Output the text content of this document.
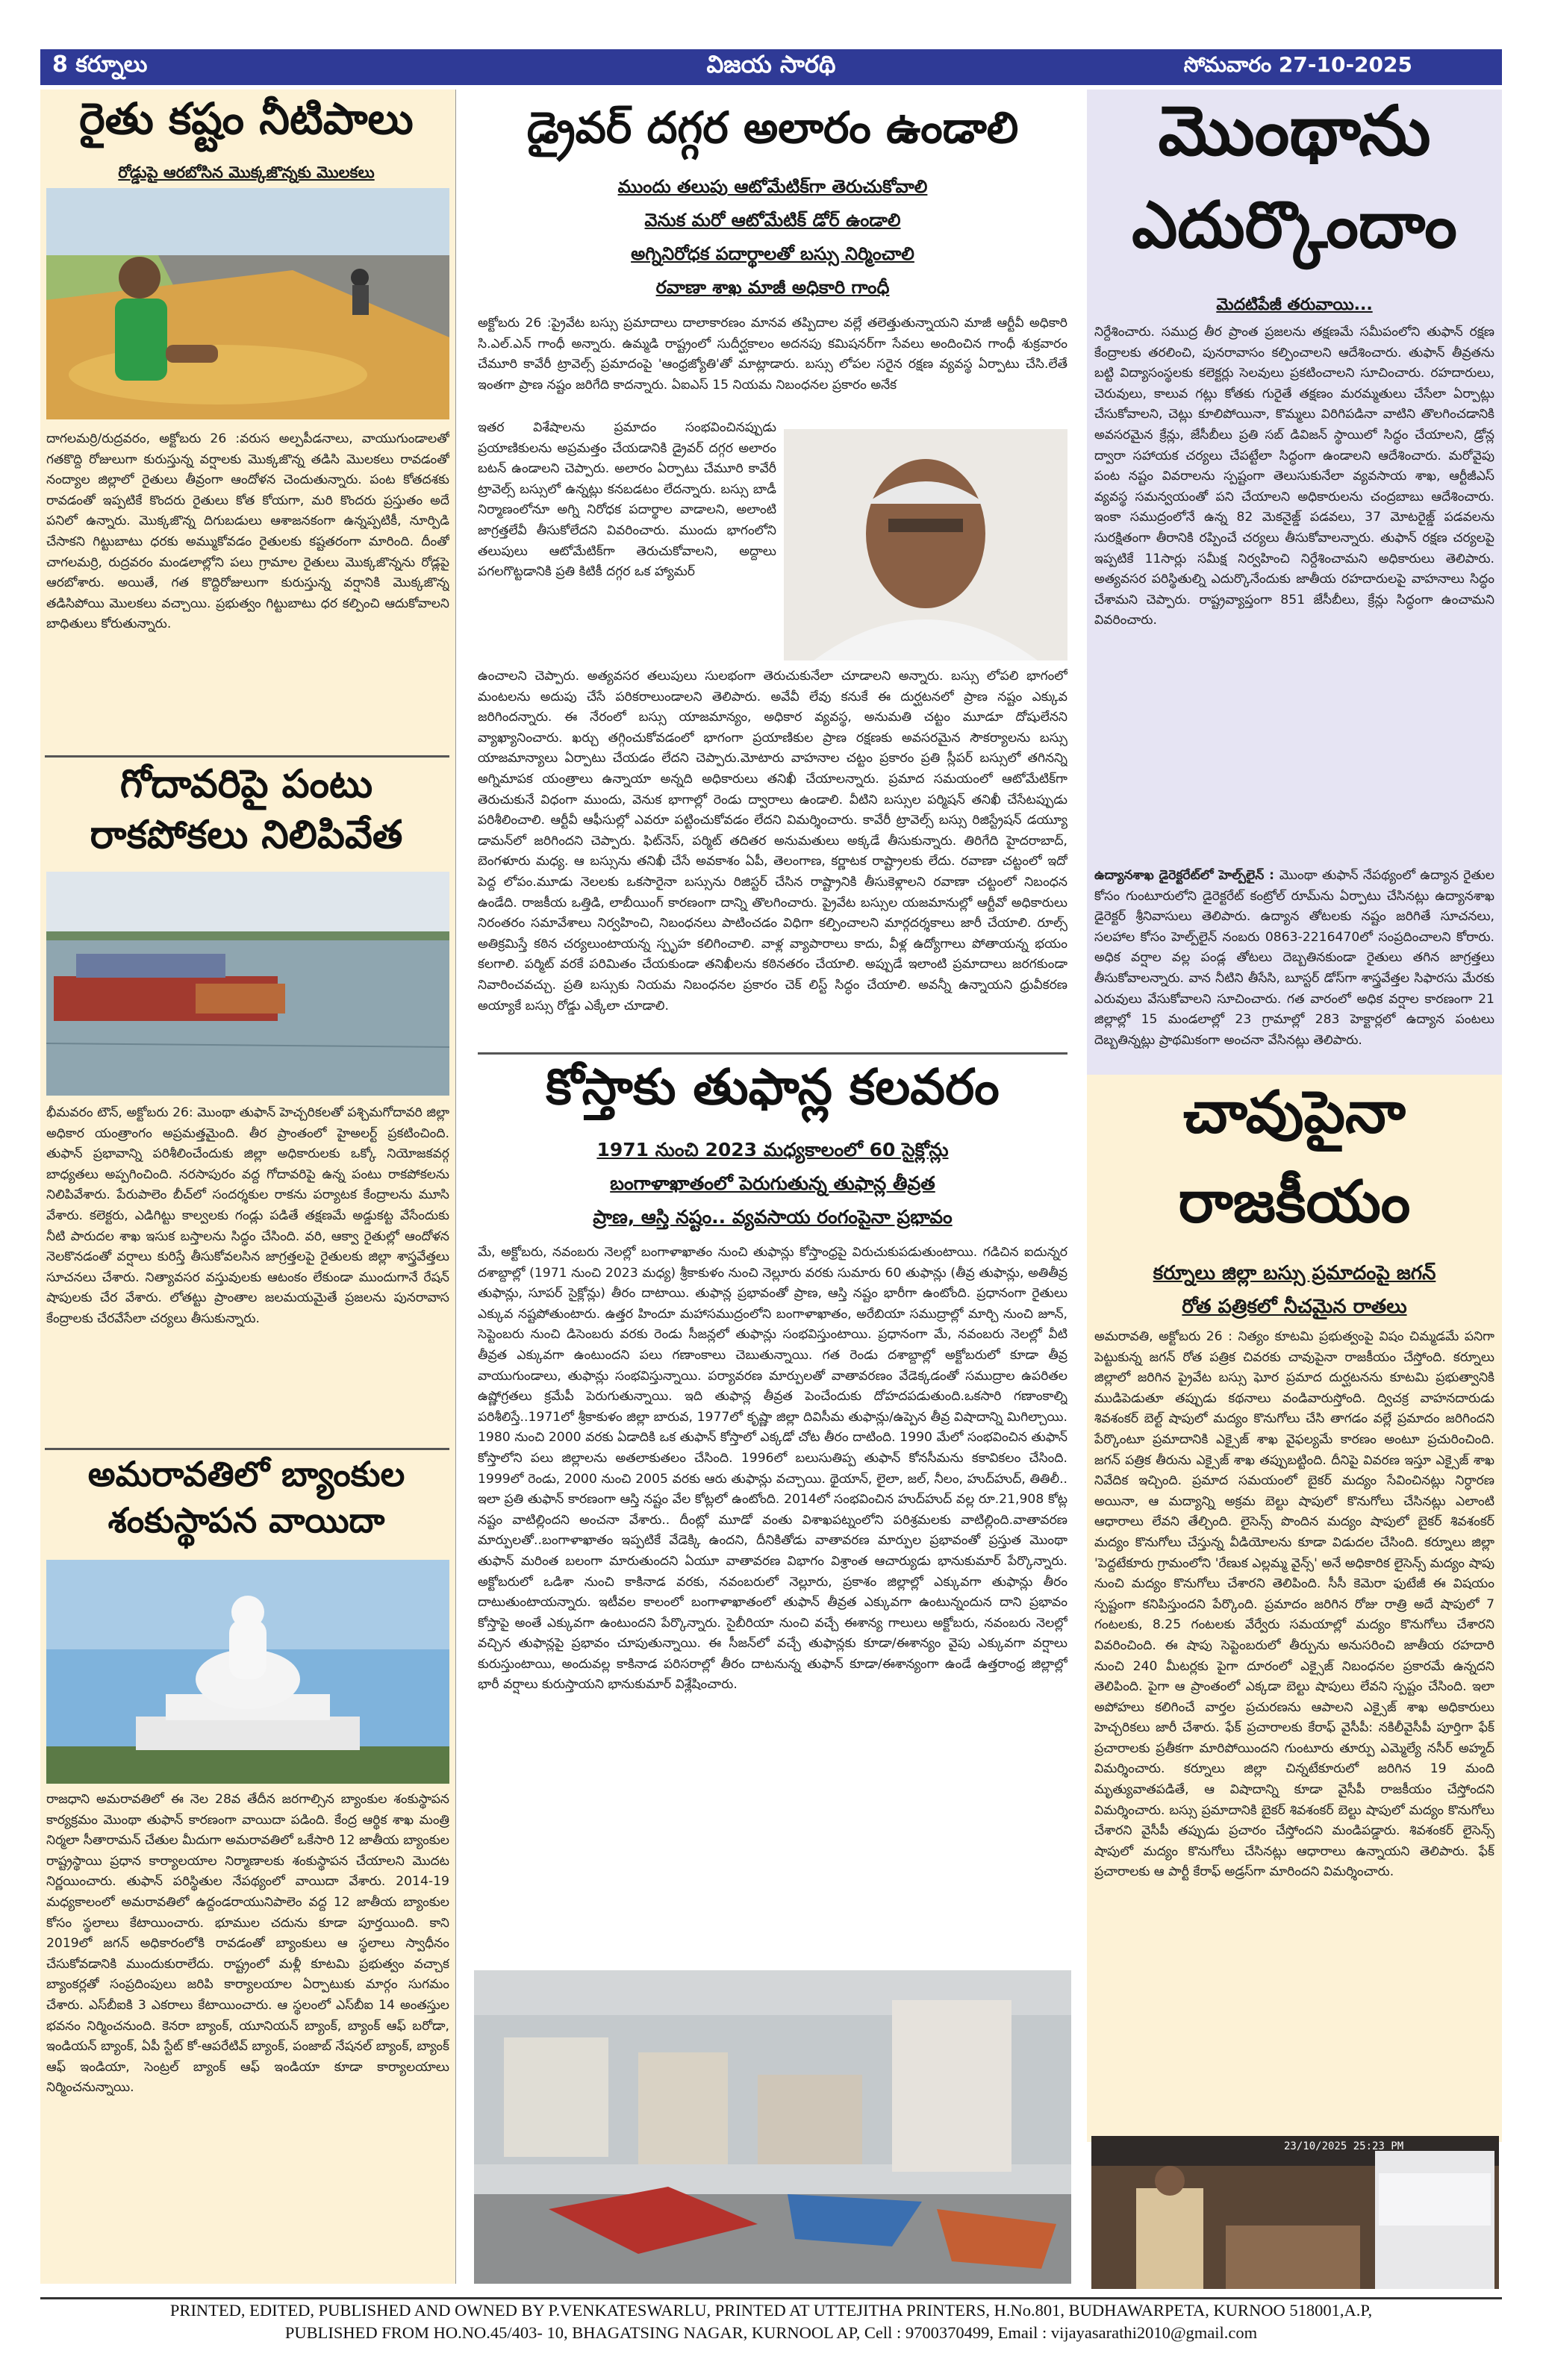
8 కర్నూలు	విజయ సారథి	సోమవారం 27-10-2025
రైతు కష్టం నీటిపాలు
రోడ్డుపై ఆరబోసిన మొక్కజొన్నకు మొలకలు
దాగలమర్రి/రుద్రవరం, అక్టోబరు 26 :వరుస అల్పపీడనాలు, వాయుగుండాలతో గతకొద్ది రోజులుగా కురుస్తున్న వర్షాలకు మొక్కజొన్న తడిసి మొలకలు రావడంతో నంద్యాల జిల్లాలో రైతులు తీవ్రంగా ఆందోళన చెందుతున్నారు. పంట కోతదశకు రావడంతో ఇప్పటికే కొందరు రైతులు కోత కోయగా, మరి కొందరు ప్రస్తుతం అదే పనిలో ఉన్నారు. మొక్కజొన్న దిగుబడులు ఆశాజనకంగా ఉన్నప్పటికీ, నూర్పిడి చేసాకని గిట్టుబాటు ధరకు అమ్ముకోవడం రైతులకు కష్టతరంగా మారింది. దీంతో చాగలమర్రి, రుద్రవరం మండలాల్లోని పలు గ్రామాల రైతులు మొక్కజొన్నను రోడ్లపై ఆరబోశారు. అయితే, గత కొద్దిరోజులుగా కురుస్తున్న వర్షానికి మొక్కజొన్న తడిసిపోయి మొలకలు వచ్చాయి. ప్రభుత్వం గిట్టుబాటు ధర కల్పించి ఆదుకోవాలని బాధితులు కోరుతున్నారు.
గోదావరిపై పంటు
రాకపోకలు నిలిపివేత
భీమవరం టౌన్, అక్టోబరు 26: మొంథా తుఫాన్ హెచ్చరికలతో పశ్చిమగోదావరి జిల్లా అధికార యంత్రాంగం అప్రమత్తమైంది. తీర ప్రాంతంలో హైఅలర్ట్ ప్రకటించింది. తుఫాన్ ప్రభావాన్ని పరిశీలించేందుకు జిల్లా అధికారులకు ఒక్కో నియోజకవర్గ బాధ్యతలు అప్పగించింది. నరసాపురం వద్ద గోదావరిపై ఉన్న పంటు రాకపోకలను నిలిపివేశారు. పేరుపాలెం బీచ్‌లో సందర్శకుల రాకను పర్యాటక కేంద్రాలను మూసి వేశారు. కలెక్టరు, ఎడిగిట్టు కాల్వలకు గండ్లు పడితే తక్షణమే అడ్డుకట్ట వేసేందుకు నీటి పారుదల శాఖ ఇసుక బస్తాలను సిద్ధం చేసింది. వరి, ఆక్వా రైతుల్లో ఆందోళన నెలకొనడంతో వర్షాలు కురిస్తే తీసుకోవలసిన జాగ్రత్తలపై రైతులకు జిల్లా శాస్త్రవేత్తలు సూచనలు చేశారు. నిత్యావసర వస్తువులకు ఆటంకం లేకుండా ముందుగానే రేషన్ షాపులకు చేర వేశారు. లోతట్టు ప్రాంతాల జలమయమైతే ప్రజలను పునరావాస కేంద్రాలకు చేరవేసేలా చర్యలు తీసుకున్నారు.
అమరావతిలో బ్యాంకుల
శంకుస్థాపన వాయిదా
రాజధాని అమరావతిలో ఈ నెల 28వ తేదీన జరగాల్సిన బ్యాంకుల శంకుస్థాపన కార్యక్రమం మొంథా తుఫాన్ కారణంగా వాయిదా పడింది. కేంద్ర ఆర్థిక శాఖ మంత్రి నిర్మలా సీతారామన్ చేతుల మీదుగా అమరావతిలో ఒకేసారి 12 జాతీయ బ్యాంకుల రాష్ట్రస్థాయి ప్రధాన కార్యాలయాల నిర్మాణాలకు శంకుస్థాపన చేయాలని మొదట నిర్ణయించారు. తుఫాన్ పరిస్థితుల నేపథ్యంలో వాయిదా వేశారు. 2014-19 మధ్యకాలంలో అమరావతిలో ఉద్దండరాయునిపాలెం వద్ద 12 జాతీయ బ్యాంకుల కోసం స్థలాలు కేటాయించారు. భూముల చదును కూడా పూర్తయింది. కాని 2019లో జగన్ అధికారంలోకి రావడంతో బ్యాంకులు ఆ స్థలాలు స్వాధీనం చేసుకోవడానికి ముందుకురాలేదు. రాష్ట్రంలో మళ్లీ కూటమి ప్రభుత్వం వచ్చాక బ్యాంకర్లతో సంప్రదింపులు జరిపి కార్యాలయాల ఏర్పాటుకు మార్గం సుగమం చేశారు. ఎస్‌బీఐకి 3 ఎకరాలు కేటాయించారు. ఆ స్థలంలో ఎస్‌బీఐ 14 అంతస్తుల భవనం నిర్మించనుంది. కెనరా బ్యాంక్, యూనియన్ బ్యాంక్, బ్యాంక్ ఆఫ్ బరోడా, ఇండియన్ బ్యాంక్, ఏపీ స్టేట్ కో-ఆపరేటివ్ బ్యాంక్, పంజాబ్ నేషనల్ బ్యాంక్, బ్యాంక్ ఆఫ్ ఇండియా, సెంట్రల్ బ్యాంక్ ఆఫ్ ఇండియా కూడా కార్యాలయాలు నిర్మించనున్నాయి.
డ్రైవర్ దగ్గర అలారం ఉండాలి
ముందు తలుపు ఆటోమేటిక్‌గా తెరుచుకోవాలి
వెనుక మరో ఆటోమేటిక్ డోర్ ఉండాలి
అగ్నినిరోధక పదార్థాలతో బస్సు నిర్మించాలి
రవాణా శాఖ మాజీ అధికారి గాంధీ
అక్టోబరు 26 :ప్రైవేట బస్సు ప్రమాదాలు దాలాకారణం మానవ తప్పిదాల వల్లే తలెత్తుతున్నాయని మాజీ ఆర్టీవీ అధికారి సి.ఎల్.ఎన్ గాంధీ అన్నారు. ఉమ్మడి రాష్ట్రంలో సుదీర్ఘకాలం అదనపు కమిషనర్‌గా సేవలు అందించిన గాంధీ శుక్రవారం చేమూరి కావేరీ ట్రావెల్స్ ప్రమాదంపై 'ఆంధ్రజ్యోతి'తో మాట్లాడారు. బస్సు లోపల సరైన రక్షణ వ్యవస్థ ఏర్పాటు చేసి.లేతే ఇంతగా ప్రాణ నష్టం జరిగేది కాదన్నారు. ఏఐఎస్ 15 నియమ నిబంధనల ప్రకారం అనేక
ఇతర విశేషాలను ప్రమాదం సంభవించినప్పుడు ప్రయాణికులను అప్రమత్తం చేయడానికి డ్రైవర్ దగ్గర అలారం బటన్ ఉండాలని చెప్పారు. అలారం ఏర్పాటు చేమూరి కావేరీ ట్రావెల్స్ బస్సులో ఉన్నట్లు కనబడటం లేదన్నారు. బస్సు బాడీ నిర్మాణంలోనూ అగ్ని నిరోధక పదార్థాల వాడాలని, అలాంటి జాగ్రత్తలేవీ తీసుకోలేదని వివరించారు. ముందు భాగంలోని తలుపులు ఆటోమేటిక్‌గా తెరుచుకోవాలని, అద్దాలు పగలగొట్టడానికి ప్రతి కిటికీ దగ్గర ఒక హ్యామర్
ఉంచాలని చెప్పారు. అత్యవసర తలుపులు సులభంగా తెరుచుకునేలా చూడాలని అన్నారు. బస్సు లోపలి భాగంలో మంటలను అదుపు చేసే పరికరాలుండాలని తెలిపారు. అవేవీ లేవు కనుకే ఈ దుర్ఘటనలో ప్రాణ నష్టం ఎక్కువ జరిగిందన్నారు. ఈ నేరంలో బస్సు యాజమాన్యం, అధికార వ్యవస్థ, అనుమతి చట్టం మూడూ దోషులేనని వ్యాఖ్యానించారు. ఖర్చు తగ్గించుకోవడంలో భాగంగా ప్రయాణికుల ప్రాణ రక్షణకు అవసరమైన సౌకర్యాలను బస్సు యాజమాన్యాలు ఏర్పాటు చేయడం లేదని చెప్పారు.మోటారు వాహనాల చట్టం ప్రకారం ప్రతి స్లీపర్ బస్సులో తగినన్ని అగ్నిమాపక యంత్రాలు ఉన్నాయా అన్నది అధికారులు తనిఖీ చేయాలన్నారు. ప్రమాద సమయంలో ఆటోమేటిక్‌గా తెరుచుకునే విధంగా ముందు, వెనుక భాగాల్లో రెండు ద్వారాలు ఉండాలి. వీటిని బస్సుల పర్మిషన్ తనిఖీ చేసేటప్పుడు పరిశీలించాలి. ఆర్టీవీ ఆఫీసుల్లో ఎవరూ పట్టించుకోవడం లేదని విమర్శించారు. కావేరీ ట్రావెల్స్ బస్సు రిజిస్ట్రేషన్ డయ్యూ డామన్‌లో జరిగిందని చెప్పారు. ఫిట్‌నెస్, పర్మిట్ తదితర అనుమతులు అక్కడే తీసుకున్నారు. తిరిగేది హైదరాబాద్, బెంగళూరు మధ్య. ఆ బస్సును తనిఖీ చేసే అవకాశం ఏపీ, తెలంగాణ, కర్ణాటక రాష్ట్రాలకు లేదు. రవాణా చట్టంలో ఇదో పెద్ద లోపం.మూడు నెలలకు ఒకసారైనా బస్సును రిజిస్టర్ చేసిన రాష్ట్రానికి తీసుకెళ్లాలని రవాణా చట్టంలో నిబంధన ఉండేది. రాజకీయ ఒత్తిడి, లాబీయింగ్ కారణంగా దాన్ని తొలగించారు. ప్రైవేట బస్సుల యజమానుల్లో ఆర్టీవో అధికారులు నిరంతరం సమావేశాలు నిర్వహించి, నిబంధనలు పాటించడం విధిగా కల్పించాలని మార్గదర్శకాలు జారీ చేయాలి. రూల్స్ అతిక్రమిస్తే కఠిన చర్యలుంటాయన్న స్పృహ కలిగించాలి. వాళ్ల వ్యాపారాలు కాదు, వీళ్ల ఉద్యోగాలు పోతాయన్న భయం కలగాలి. పర్మిట్ వరకే పరిమితం చేయకుండా తనిఖీలను కఠినతరం చేయాలి. అప్పుడే ఇలాంటి ప్రమాదాలు జరగకుండా నివారించవచ్చు. ప్రతి బస్సుకు నియమ నిబంధనల ప్రకారం చెక్ లిస్ట్ సిద్ధం చేయాలి. అవన్నీ ఉన్నాయని ధ్రువీకరణ అయ్యాకే బస్సు రోడ్డు ఎక్కేలా చూడాలి.
కోస్తాకు తుఫాన్ల కలవరం
1971 నుంచి 2023 మధ్యకాలంలో 60 సైక్లోన్లు
బంగాళాఖాతంలో పెరుగుతున్న తుఫాన్ల తీవ్రత
ప్రాణ, ఆస్తి నష్టం.. వ్యవసాయ రంగంపైనా ప్రభావం
మే, అక్టోబరు, నవంబరు నెలల్లో బంగాళాఖాతం నుంచి తుఫాన్లు కోస్తాంధ్రపై విరుచుకుపడుతుంటాయి. గడిచిన ఐదున్నర దశాబ్దాల్లో (1971 నుంచి 2023 మధ్య) శ్రీకాకుళం నుంచి నెల్లూరు వరకు సుమారు 60 తుఫాన్లు (తీవ్ర తుఫాన్లు, అతితీవ్ర తుఫాన్లు, సూపర్ సైక్లోన్లు) తీరం దాటాయి. తుఫాన్ల ప్రభావంతో ప్రాణ, ఆస్తి నష్టం భారీగా ఉంటోంది. ప్రధానంగా రైతులు ఎక్కువ నష్టపోతుంటారు. ఉత్తర హిందూ మహాసముద్రంలోని బంగాళాఖాతం, అరేబియా సముద్రాల్లో మార్చి నుంచి జూన్, సెప్టెంబరు నుంచి డిసెంబరు వరకు రెండు సీజన్లలో తుఫాన్లు సంభవిస్తుంటాయి. ప్రధానంగా మే, నవంబరు నెలల్లో వీటి తీవ్రత ఎక్కువగా ఉంటుందని పలు గణాంకాలు చెబుతున్నాయి. గత రెండు దశాబ్దాల్లో అక్టోబరులో కూడా తీవ్ర వాయుగుండాలు, తుఫాన్లు సంభవిస్తున్నాయి. పర్యావరణ మార్పులతో వాతావరణం వేడెక్కడంతో సముద్రాల ఉపరితల ఉష్ణోగ్రతలు క్రమేపీ పెరుగుతున్నాయి. ఇది తుఫాన్ల తీవ్రత పెంచేందుకు దోహదపడుతుంది.ఒకసారి గణాంకాల్ని పరిశీలిస్తే..1971లో శ్రీకాకుళం జిల్లా బారువ, 1977లో కృష్ణా జిల్లా దివిసీమ తుఫాన్లు/ఉప్పెన తీవ్ర విషాదాన్ని మిగిల్చాయి. 1980 నుంచి 2000 వరకు ఏడాదికి ఒక తుఫాన్ కోస్తాలో ఎక్కడో చోట తీరం దాటింది. 1990 మేలో సంభవించిన తుఫాన్ కోస్తాలోని పలు జిల్లాలను అతలాకుతలం చేసింది. 1996లో బలుసుతిప్ప తుఫాన్ కోనసీమను కకావికలం చేసింది. 1999లో రెండు, 2000 నుంచి 2005 వరకు ఆరు తుఫాన్లు వచ్చాయి. థైయాన్, లైలా, జల్, నీలం, హుద్‌హుద్, తితిలీ.. ఇలా ప్రతి తుఫాన్ కారణంగా ఆస్తి నష్టం వేల కోట్లలో ఉంటోంది. 2014లో సంభవించిన హుద్‌హుద్ వల్ల రూ.21,908 కోట్ల నష్టం వాటిల్లిందని అంచనా వేశారు.. దీంట్లో మూడో వంతు విశాఖపట్నంలోని పరిశ్రమలకు వాటిల్లింది.వాతావరణ మార్పులతో..బంగాళాఖాతం ఇప్పటికే వేడెక్కి ఉందని, దీనికితోడు వాతావరణ మార్పుల ప్రభావంతో ప్రస్తుత మొంథా తుఫాన్ మరింత బలంగా మారుతుందని ఏయూ వాతావరణ విభాగం విశ్రాంత ఆచార్యుడు భానుకుమార్ పేర్కొన్నారు. అక్టోబరులో ఒడిశా నుంచి కాకినాడ వరకు, నవంబరులో నెల్లూరు, ప్రకాశం జిల్లాల్లో ఎక్కువగా తుఫాన్లు తీరం దాటుతుంటాయన్నారు. ఇటీవల కాలంలో బంగాళాఖాతంలో తుఫాన్ తీవ్రత ఎక్కువగా ఉంటున్నందున దాని ప్రభావం కోస్తాపై అంతే ఎక్కువగా ఉంటుందని పేర్కొన్నారు. సైబీరియా నుంచి వచ్చే ఈశాన్య గాలులు అక్టోబరు, నవంబరు నెలల్లో వచ్చిన తుఫాన్లపై ప్రభావం చూపుతున్నాయి. ఈ సీజన్‌లో వచ్చే తుఫాన్లకు కూడా/ఈశాన్యం వైపు ఎక్కువగా వర్షాలు కురుస్తుంటాయి, అందువల్ల కాకినాడ పరిసరాల్లో తీరం దాటనున్న తుఫాన్ కూడా/ఈశాన్యంగా ఉండే ఉత్తరాంధ్ర జిల్లాల్లో భారీ వర్షాలు కురుస్తాయని భానుకుమార్ విశ్లేషించారు.
మొంథాను
ఎదుర్కొందాం
మెదటిపేజీ తరువాయి...
నిర్దేశించారు. సముద్ర తీర ప్రాంత ప్రజలను తక్షణమే సమీపంలోని తుఫాన్ రక్షణ కేంద్రాలకు తరలించి, పునరావాసం కల్పించాలని ఆదేశించారు. తుఫాన్ తీవ్రతను బట్టి విద్యాసంస్థలకు కలెక్టర్లు సెలవులు ప్రకటించాలని సూచించారు. రహదారులు, చెరువులు, కాలువ గట్లు కోతకు గురైతే తక్షణం మరమ్మతులు చేసేలా ఏర్పాట్లు చేసుకోవాలని, చెట్లు కూలిపోయినా, కొమ్మలు విరిగిపడినా వాటిని తొలగించడానికి అవసరమైన క్రేన్లు, జేసీబీలు ప్రతి సబ్ డివిజన్ స్థాయిలో సిద్ధం చేయాలని, డ్రోన్ల ద్వారా సహాయక చర్యలు చేపట్టేలా సిద్ధంగా ఉండాలని ఆదేశించారు. మరోవైపు పంట నష్టం వివరాలను స్పష్టంగా తెలుసుకునేలా వ్యవసాయ శాఖ, ఆర్టీజీఎస్ వ్యవస్థ సమన్వయంతో పని చేయాలని అధికారులను చంద్రబాబు ఆదేశించారు. ఇంకా సముద్రంలోనే ఉన్న 82 మెకనైజ్డ్ పడవలు, 37 మోటరైజ్డ్ పడవలను సురక్షితంగా తీరానికి రప్పించే చర్యలు తీసుకోవాలన్నారు. తుఫాన్ రక్షణ చర్యలపై ఇప్పటికే 11సార్లు సమీక్ష నిర్వహించి నిర్దేశించామని అధికారులు తెలిపారు. అత్యవసర పరిస్థితుల్ని ఎదుర్కొనేందుకు జాతీయ రహదారులపై వాహనాలు సిద్ధం చేశామని చెప్పారు. రాష్ట్రవ్యాప్తంగా 851 జేసీబీలు, క్రేన్లు సిద్ధంగా ఉంచామని వివరించారు.
ఉద్యానశాఖ డైరెక్టరేట్‌లో హెల్ప్‌లైన్ : మొంథా తుఫాన్ నేపథ్యంలో ఉద్యాన రైతుల కోసం గుంటూరులోని డైరెక్టరేట్ కంట్రోల్ రూమ్‌ను ఏర్పాటు చేసినట్లు ఉద్యానశాఖ డైరెక్టర్ శ్రీనివాసులు తెలిపారు. ఉద్యాన తోటలకు నష్టం జరిగితే సూచనలు, సలహాల కోసం హెల్ప్‌లైన్ నంబరు 0863-2216470లో సంప్రదించాలని కోరారు. అధిక వర్షాల వల్ల పండ్ల తోటలు దెబ్బతినకుండా రైతులు తగిన జాగ్రత్తలు తీసుకోవాలన్నారు. వాన నీటిని తీసేసి, బూస్టర్ డోస్‌గా శాస్త్రవేత్తల సిఫారసు మేరకు ఎరువులు వేసుకోవాలని సూచించారు. గత వారంలో అధిక వర్షాల కారణంగా 21 జిల్లాల్లో 15 మండలాల్లో 23 గ్రామాల్లో 283 హెక్టార్లలో ఉద్యాన పంటలు దెబ్బతిన్నట్లు ప్రాథమికంగా అంచనా వేసినట్లు తెలిపారు.
చావుపైనా
రాజకీయం
కర్నూలు జిల్లా బస్సు ప్రమాదంపై జగన్
రోత పత్రికలో నీచమైన రాతలు
అమరావతి, అక్టోబరు 26 : నిత్యం కూటమి ప్రభుత్వంపై విషం చిమ్మడమే పనిగా పెట్టుకున్న జగన్ రోత పత్రిక చివరకు చావుపైనా రాజకీయం చేస్తోంది. కర్నూలు జిల్లాలో జరిగిన ప్రైవేట బస్సు ఘోర ప్రమాద దుర్ఘటనను కూటమి ప్రభుత్వానికి ముడిపెడుతూ తప్పుడు కథనాలు వండివారుస్తోంది. ద్విచక్ర వాహనదారుడు శివశంకర్ బెల్ట్ షాపులో మద్యం కొనుగోలు చేసి తాగడం వల్లే ప్రమాదం జరిగిందని పేర్కొంటూ ప్రమాదానికి ఎక్సైజ్ శాఖ వైఫల్యమే కారణం అంటూ ప్రచురించింది. జగన్ పత్రిక తీరును ఎక్సైజ్ శాఖ తప్పుబట్టింది. దీనిపై వివరణ ఇస్తూ ఎక్సైజ్ శాఖ నివేదిక ఇచ్చింది. ప్రమాద సమయంలో బైకర్ మద్యం సేవించినట్లు నిర్ధారణ అయినా, ఆ మద్యాన్ని అక్రమ బెల్టు షాపులో కొనుగోలు చేసినట్లు ఎలాంటి ఆధారాలు లేవని తేల్చింది. లైసెన్స్ పొందిన మద్యం షాపులో బైకర్ శివశంకర్ మద్యం కొనుగోలు చేస్తున్న వీడియోలను కూడా విడుదల చేసింది. కర్నూలు జిల్లా 'పెద్దటేకూరు గ్రామంలోని 'రేణుక ఎల్లమ్మ వైన్స్' అనే అధికారిక లైసెన్స్ మద్యం షాపు నుంచి మద్యం కొనుగోలు చేశారని తెలిపింది. సీసీ కెమెరా ఫుటేజీ ఈ విషయం స్పష్టంగా కనిపిస్తుందని పేర్కొంది. ప్రమాదం జరిగిన రోజు రాత్రి అదే షాపులో 7 గంటలకు, 8.25 గంటలకు వేర్వేరు సమయాల్లో మద్యం కొనుగోలు చేశారని వివరించింది. ఈ షాపు సెప్టెంబరులో తీర్పును అనుసరించి జాతీయ రహదారి నుంచి 240 మీటర్లకు పైగా దూరంలో ఎక్సైజ్ నిబంధనల ప్రకారమే ఉన్నదని తెలిపింది. పైగా ఆ ప్రాంతంలో ఎక్కడా బెల్టు షాపులు లేవని స్పష్టం చేసింది. ఇలా అపోహలు కలిగించే వార్తల ప్రచురణను ఆపాలని ఎక్సైజ్ శాఖ అధికారులు హెచ్చరికలు జారీ చేశారు. ఫేక్ ప్రచారాలకు కేరాఫ్ వైసీపీ: నకిలీవైసీపీ పూర్తిగా ఫేక్ ప్రచారాలకు ప్రతీకగా మారిపోయిందని గుంటూరు తూర్పు ఎమ్మెల్యే నసీర్ అహ్మద్ విమర్శించారు. కర్నూలు జిల్లా చిన్నటేకూరులో జరిగిన 19 మంది మృత్యువాతపడితే, ఆ విషాదాన్ని కూడా వైసీపీ రాజకీయం చేస్తోందని విమర్శించారు. బస్సు ప్రమాదానికి బైకర్ శివశంకర్ బెల్టు షాపులో మద్యం కొనుగోలు చేశారని వైసీపీ తప్పుడు ప్రచారం చేస్తోందని మండిపడ్డారు. శివశంకర్ లైసెన్స్ షాపులో మద్యం కొనుగోలు చేసినట్లు ఆధారాలు ఉన్నాయని తెలిపారు. ఫేక్ ప్రచారాలకు ఆ పార్టీ కేరాఫ్ అడ్రస్‌గా మారిందని విమర్శించారు.
23/10/2025 25:23 PM
PRINTED, EDITED, PUBLISHED AND OWNED BY P.VENKATESWARLU, PRINTED AT UTTEJITHA PRINTERS, H.No.801, BUDHAWARPETA, KURNOO 518001,A.P,
PUBLISHED FROM HO.NO.45/403- 10, BHAGATSING NAGAR, KURNOOL AP, Cell : 9700370499, Email : vijayasarathi2010@gmail.com
